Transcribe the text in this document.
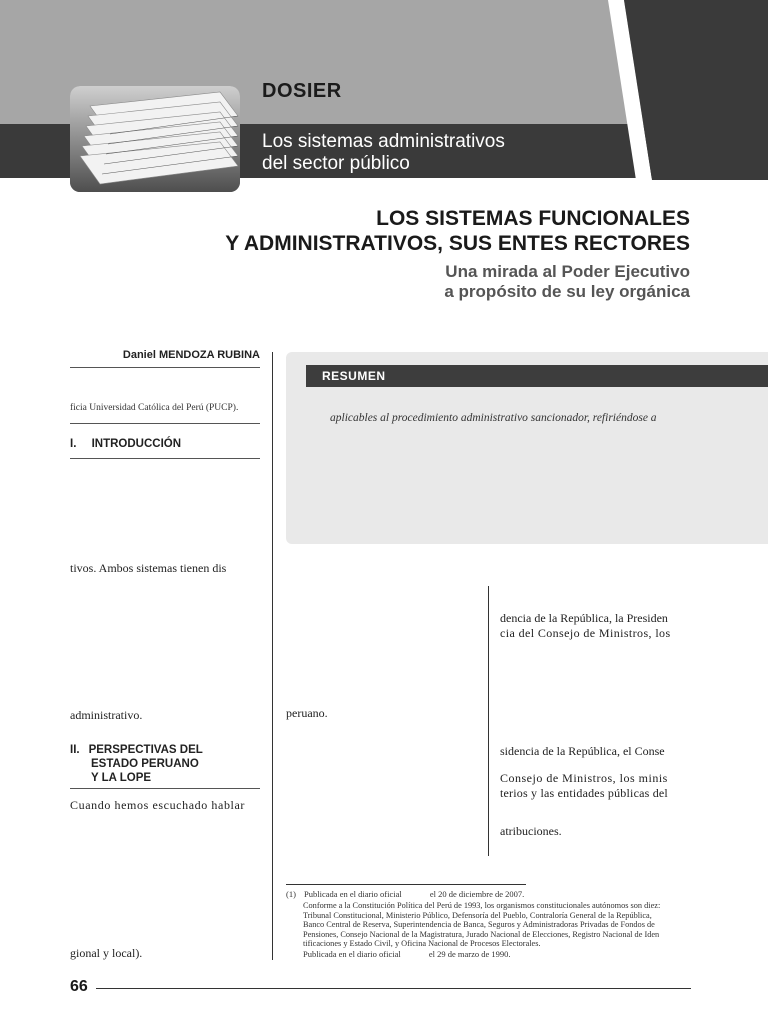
DOSIER
Los sistemas administrativos
del sector público
LOS SISTEMAS FUNCIONALES
Y ADMINISTRATIVOS, SUS ENTES RECTORES
Una mirada al Poder Ejecutivo
a propósito de su ley orgánica
Daniel MENDOZA RUBINA
ficia Universidad Católica del Perú (PUCP).
I. INTRODUCCIÓN
tivos. Ambos sistemas tienen dis
administrativo.
II. PERSPECTIVAS DEL
ESTADO PERUANO
Y LA LOPE
Cuando hemos escuchado hablar
gional y local).
RESUMEN
aplicables al procedimiento administrativo sancionador, refiriéndose a
peruano.
dencia de la República, la Presiden
cia del Consejo de Ministros, los
sidencia de la República, el Conse
Consejo de Ministros, los minis
terios y las entidades públicas del
atribuciones.
(1) Publicada en el diario oficial	el 20 de diciembre de 2007.
Conforme a la Constitución Política del Perú de 1993, los organismos constitucionales autónomos son diez:
Tribunal Constitucional, Ministerio Público, Defensoría del Pueblo, Contraloría General de la República,
Banco Central de Reserva, Superintendencia de Banca, Seguros y Administradoras Privadas de Fondos de
Pensiones, Consejo Nacional de la Magistratura, Jurado Nacional de Elecciones, Registro Nacional de Iden
tificaciones y Estado Civil, y Oficina Nacional de Procesos Electorales.
Publicada en el diario oficial	el 29 de marzo de 1990.
66
